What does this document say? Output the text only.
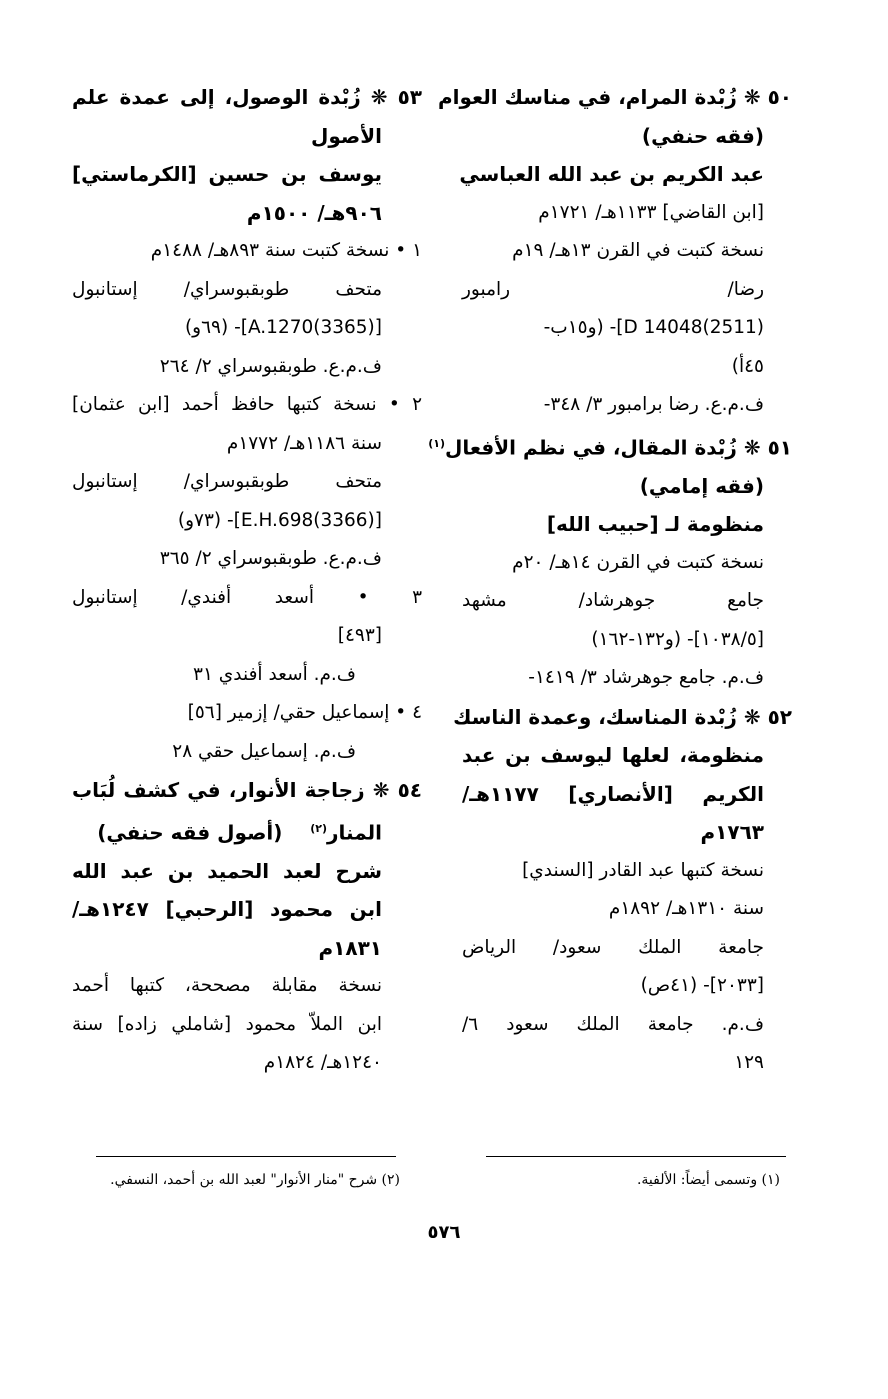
٥٠ ❋ زُبْدة المرام، في مناسك العوام
(فقه حنفي)
عبد الكريم بن عبد الله العباسي
[ابن القاضي] ١١٣٣هـ/ ١٧٢١م
نسخة كتبت في القرن ١٣هـ/ ١٩م
رضا/ رامبور
D 14048(2511)]- (و١٥ب-
٤٥أ)
ف.م.ع. رضا برامبور ٣/ ٣٤٨-
٥١ ❋ زُبْدة المقال، في نظم الأفعال$^{(١)}$
(فقه إمامي)
منظومة لـ [حبيب الله]
نسخة كتبت في القرن ١٤هـ/ ٢٠م
جامع جوهرشاد/ مشهد
[١٠٣٨/٥]- (و١٣٢-١٦٢)
ف.م. جامع جوهرشاد ٣/ ١٤١٩-
٥٢ ❋ زُبْدة المناسك، وعمدة الناسك
منظومة، لعلها ليوسف بن عبد
الكريم [الأنصاري] ١١٧٧هـ/
١٧٦٣م
نسخة كتبها عبد القادر [السندي]
سنة ١٣١٠هـ/ ١٨٩٢م
جامعة الملك سعود/ الرياض
[٢٠٣٣]- (٤١ص)
ف.م. جامعة الملك سعود ٦/
١٢٩
٥٣ ❋ زُبْدة الوصول، إلى عمدة علم
الأصول
يوسف بن حسين [الكرماستي]
٩٠٦هـ/ ١٥٠٠م
١ • نسخة كتبت سنة ٨٩٣هـ/ ١٤٨٨م
متحف طوبقبوسراي/ إستانبول
[A.1270(3365)]- (٦٩و)
ف.م.ع. طوبقبوسراي ٢/ ٢٦٤
٢ • نسخة كتبها حافظ أحمد [ابن عثمان]
سنة ١١٨٦هـ/ ١٧٧٢م
متحف طوبقبوسراي/ إستانبول
[E.H.698(3366)]- (٧٣و)
ف.م.ع. طوبقبوسراي ٢/ ٣٦٥
٣ • أسعد أفندي/ إستانبول
[٤٩٣]
ف.م. أسعد أفندي ٣١
٤ • إسماعيل حقي/ إزمير [٥٦]
ف.م. إسماعيل حقي ٢٨
٥٤ ❋ زجاجة الأنوار، في كشف لُبَاب
المنار$^{(٢)}$    (أصول فقه حنفي)
شرح لعبد الحميد بن عبد الله
ابن محمود [الرحبي] ١٢٤٧هـ/
١٨٣١م
نسخة مقابلة مصححة، كتبها أحمد
ابن الملاّ محمود [شاملي زاده] سنة
١٢٤٠هـ/ ١٨٢٤م
(١) وتسمى أيضاً: الألفية.
(٢) شرح "منار الأنوار" لعبد الله بن أحمد، النسفي.
٥٧٦
